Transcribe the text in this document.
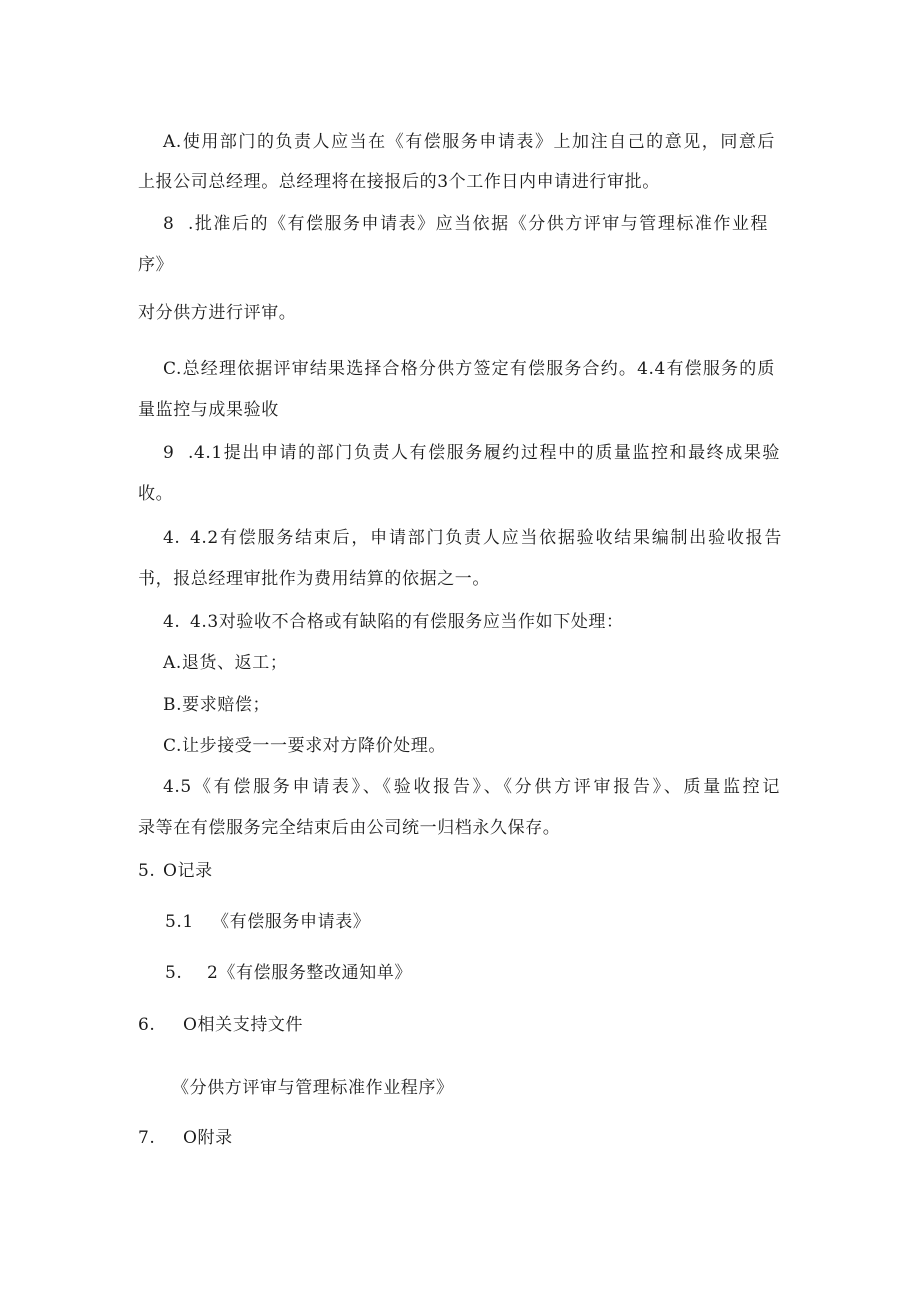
A.使用部门的负责人应当在《有偿服务申请表》上加注自己的意见，同意后
上报公司总经理。总经理将在接报后的3个工作日内申请进行审批。
8 .批准后的《有偿服务申请表》应当依据《分供方评审与管理标准作业程
序》
对分供方进行评审。
C.总经理依据评审结果选择合格分供方签定有偿服务合约。4.4有偿服务的质
量监控与成果验收
9 .4.1提出申请的部门负责人有偿服务履约过程中的质量监控和最终成果验
收。
4. 4.2有偿服务结束后，申请部门负责人应当依据验收结果编制出验收报告
书，报总经理审批作为费用结算的依据之一。
4. 4.3对验收不合格或有缺陷的有偿服务应当作如下处理：
A.退货、返工；
B.要求赔偿；
C.让步接受一一要求对方降价处理。
4.5《有偿服务申请表》、《验收报告》、《分供方评审报告》、质量监控记
录等在有偿服务完全结束后由公司统一归档永久保存。
5. O记录
5.1 《有偿服务申请表》
5. 2《有偿服务整改通知单》
6. O相关支持文件
《分供方评审与管理标准作业程序》
7. O附录
